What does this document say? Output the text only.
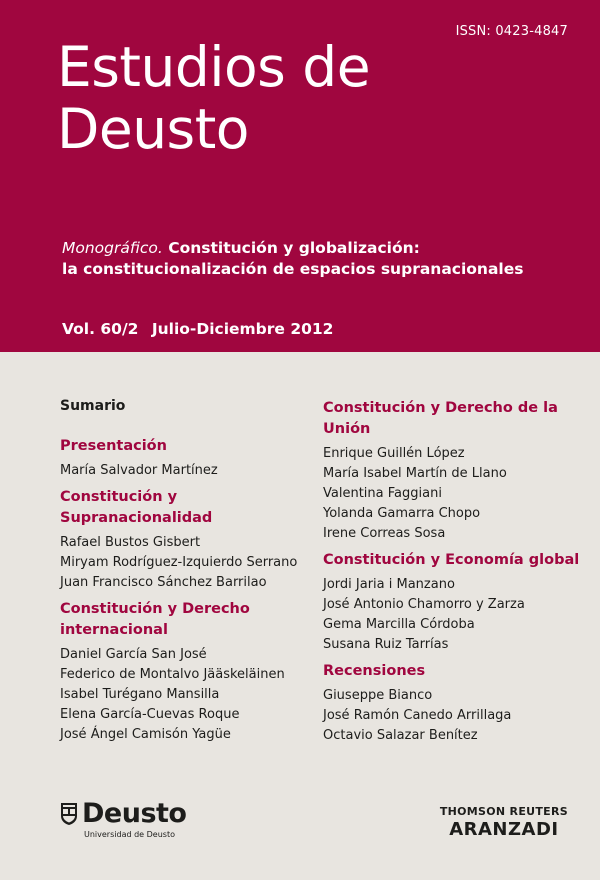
ISSN: 0423-4847
Estudios de
Deusto
Monográfico. Constitución y globalización:
la constitucionalización de espacios supranacionales
Vol. 60/2 Julio-Diciembre 2012
Sumario
Presentación
María Salvador Martínez
Constitución y Supranacionalidad
Rafael Bustos Gisbert
Miryam Rodríguez-Izquierdo Serrano
Juan Francisco Sánchez Barrilao
Constitución y Derecho internacional
Daniel García San José
Federico de Montalvo Jääskeläinen
Isabel Turégano Mansilla
Elena García-Cuevas Roque
José Ángel Camisón Yagüe
Constitución y Derecho de la Unión
Enrique Guillén López
María Isabel Martín de Llano
Valentina Faggiani
Yolanda Gamarra Chopo
Irene Correas Sosa
Constitución y Economía global
Jordi Jaria i Manzano
José Antonio Chamorro y Zarza
Gema Marcilla Córdoba
Susana Ruiz Tarrías
Recensiones
Giuseppe Bianco
José Ramón Canedo Arrillaga
Octavio Salazar Benítez
Deusto
Universidad de Deusto
THOMSON REUTERS
ARANZADI
